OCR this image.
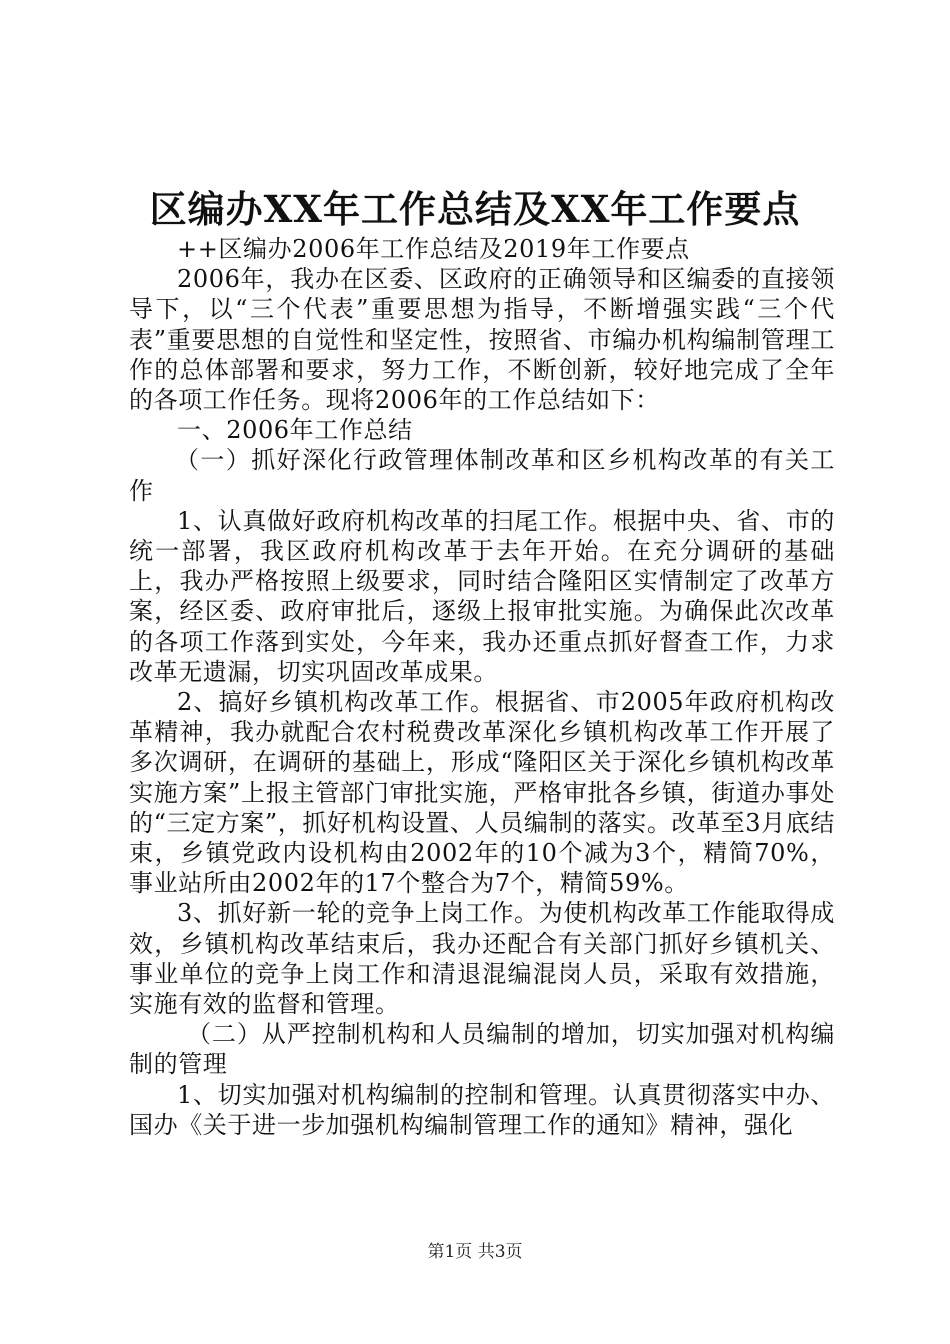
区编办XX年工作总结及XX年工作要点

++区编办2006年工作总结及2019年工作要点

2006年，我办在区委、区政府的正确领导和区编委的直接领导下，以“三个代表”重要思想为指导，不断增强实践“三个代表”重要思想的自觉性和坚定性，按照省、市编办机构编制管理工作的总体部署和要求，努力工作，不断创新，较好地完成了全年的各项工作任务。现将2006年的工作总结如下：

一、2006年工作总结

（一）抓好深化行政管理体制改革和区乡机构改革的有关工作

1、认真做好政府机构改革的扫尾工作。根据中央、省、市的统一部署，我区政府机构改革于去年开始。在充分调研的基础上，我办严格按照上级要求，同时结合隆阳区实情制定了改革方案，经区委、政府审批后，逐级上报审批实施。为确保此次改革的各项工作落到实处，今年来，我办还重点抓好督查工作，力求改革无遗漏，切实巩固改革成果。

2、搞好乡镇机构改革工作。根据省、市2005年政府机构改革精神，我办就配合农村税费改革深化乡镇机构改革工作开展了多次调研，在调研的基础上，形成“隆阳区关于深化乡镇机构改革实施方案”上报主管部门审批实施，严格审批各乡镇，街道办事处的“三定方案”，抓好机构设置、人员编制的落实。改革至3月底结束，乡镇党政内设机构由2002年的10个减为3个，精简70%，事业站所由2002年的17个整合为7个，精简59%。

3、抓好新一轮的竞争上岗工作。为使机构改革工作能取得成效，乡镇机构改革结束后，我办还配合有关部门抓好乡镇机关、事业单位的竞争上岗工作和清退混编混岗人员，采取有效措施，实施有效的监督和管理。

（二）从严控制机构和人员编制的增加，切实加强对机构编制的管理

1、切实加强对机构编制的控制和管理。认真贯彻落实中办、国办《关于进一步加强机构编制管理工作的通知》精神，强化

第1页 共3页
